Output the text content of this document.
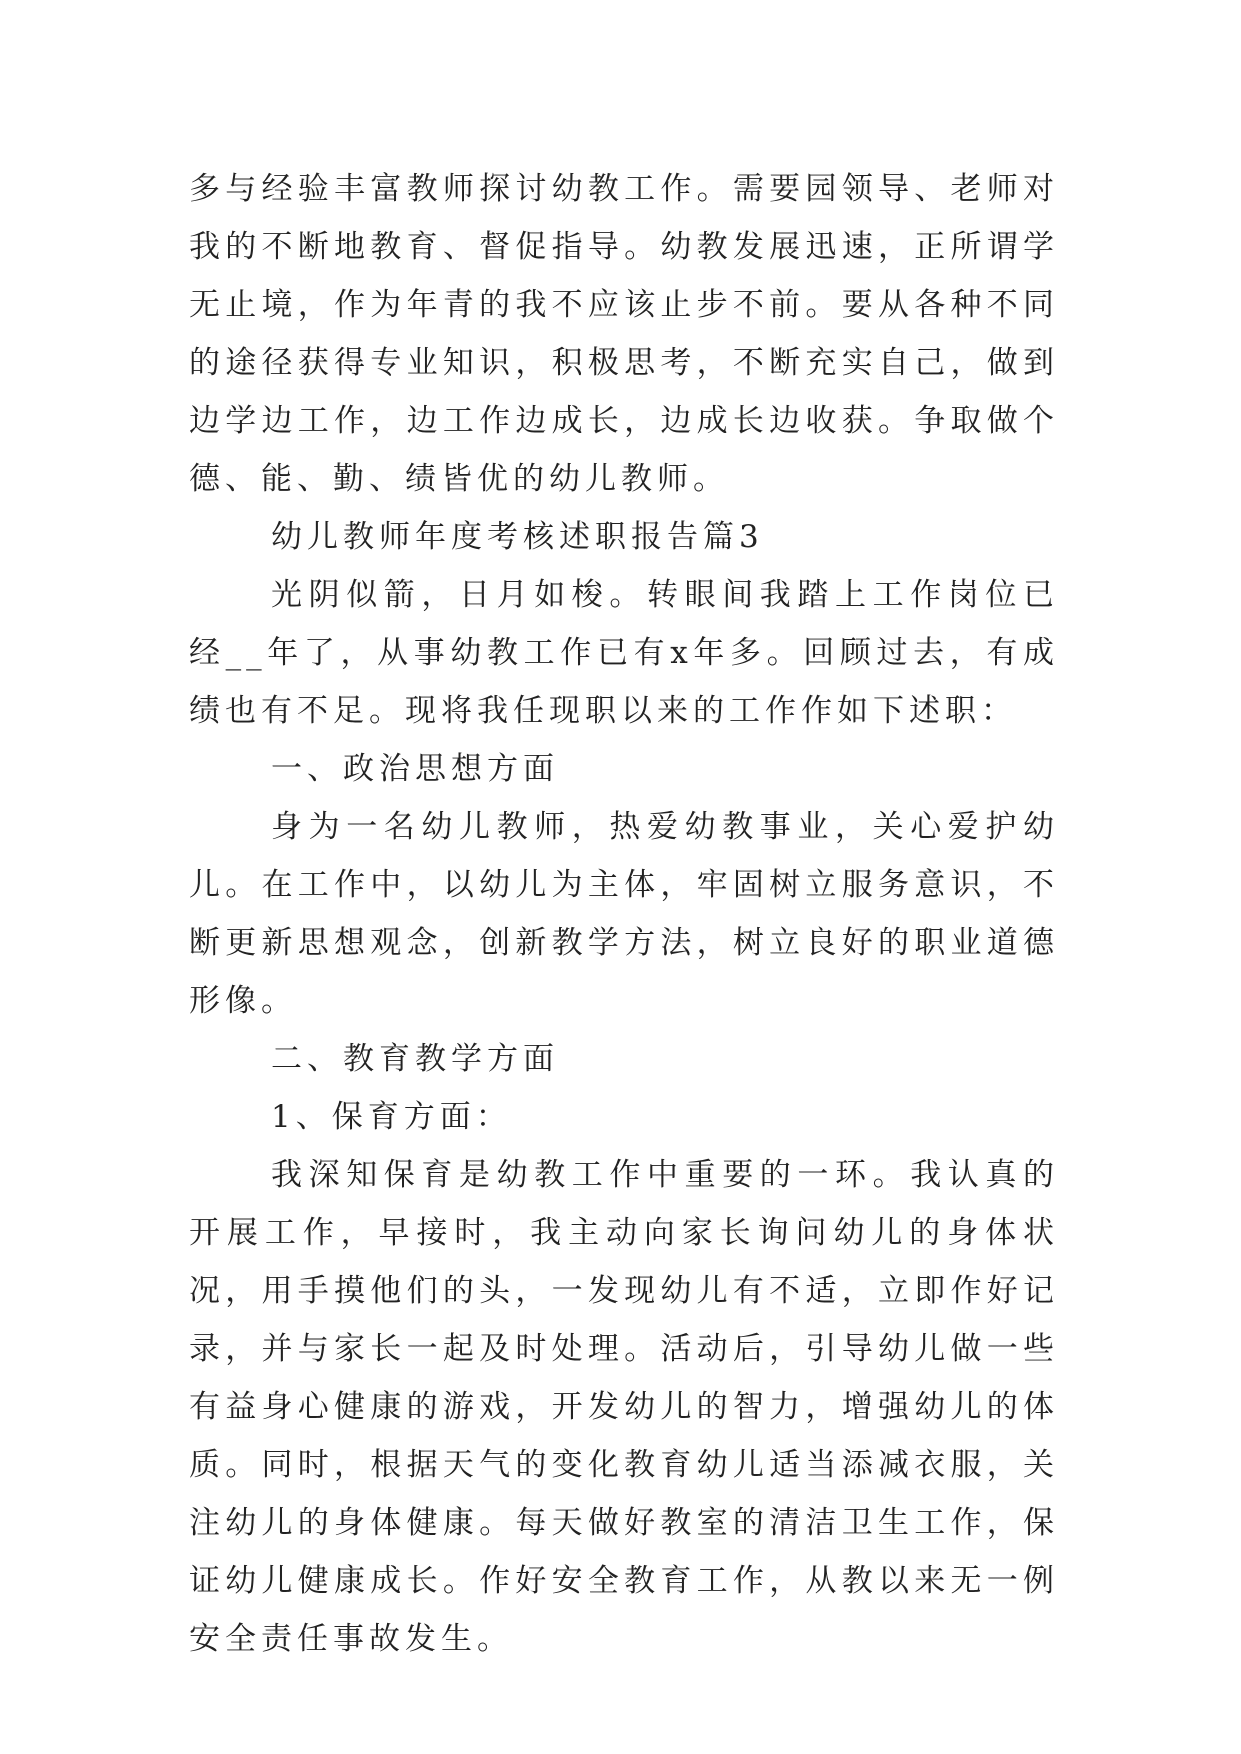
多与经验丰富教师探讨幼教工作。需要园领导、老师对我的不断地教育、督促指导。幼教发展迅速，正所谓学无止境，作为年青的我不应该止步不前。要从各种不同的途径获得专业知识，积极思考，不断充实自己，做到边学边工作，边工作边成长，边成长边收获。争取做个德、能、勤、绩皆优的幼儿教师。

幼儿教师年度考核述职报告篇3

光阴似箭，日月如梭。转眼间我踏上工作岗位已经__年了，从事幼教工作已有x年多。回顾过去，有成绩也有不足。现将我任现职以来的工作作如下述职：

一、政治思想方面

身为一名幼儿教师，热爱幼教事业，关心爱护幼儿。在工作中，以幼儿为主体，牢固树立服务意识，不断更新思想观念，创新教学方法，树立良好的职业道德形像。

二、教育教学方面

1、保育方面：

我深知保育是幼教工作中重要的一环。我认真的开展工作，早接时，我主动向家长询问幼儿的身体状况，用手摸他们的头，一发现幼儿有不适，立即作好记录，并与家长一起及时处理。活动后，引导幼儿做一些有益身心健康的游戏，开发幼儿的智力，增强幼儿的体质。同时，根据天气的变化教育幼儿适当添减衣服，关注幼儿的身体健康。每天做好教室的清洁卫生工作，保证幼儿健康成长。作好安全教育工作，从教以来无一例安全责任事故发生。
